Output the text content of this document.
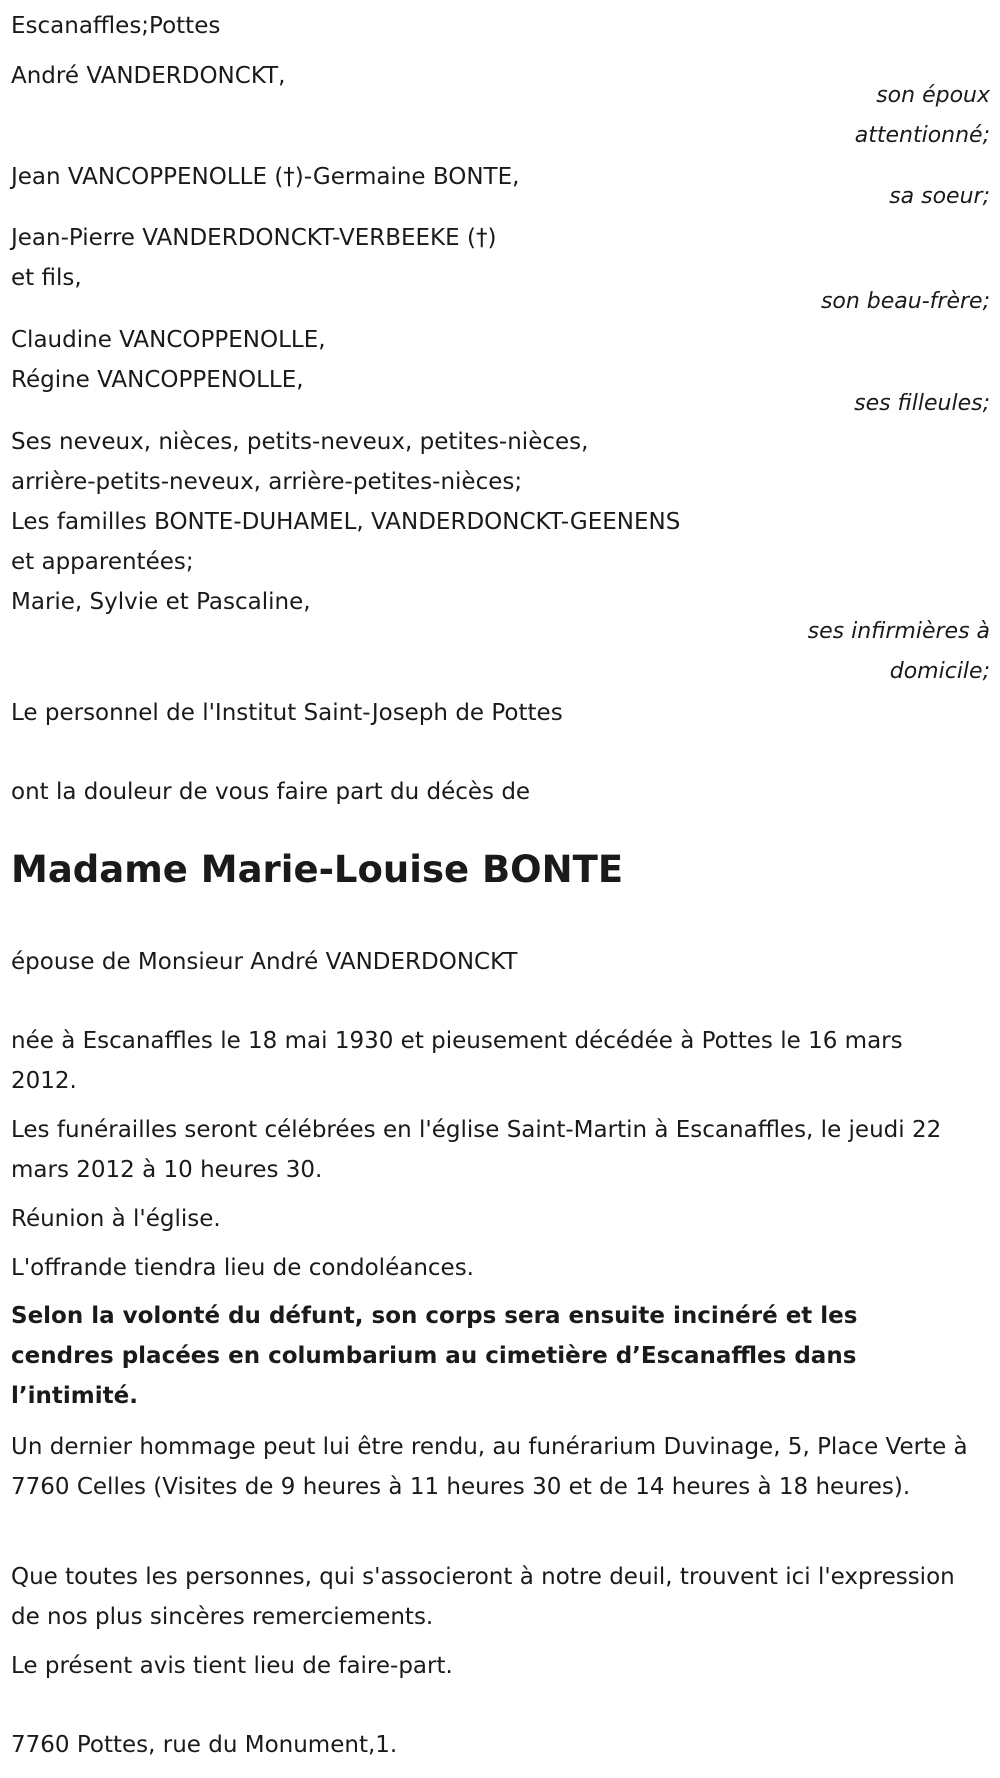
Escanaffles;Pottes
André VANDERDONCKT,
son époux
attentionné;
Jean VANCOPPENOLLE (†)-Germaine BONTE,
sa soeur;
Jean-Pierre VANDERDONCKT-VERBEEKE (†)
et fils,
son beau-frère;
Claudine VANCOPPENOLLE,
Régine VANCOPPENOLLE,
ses filleules;
Ses neveux, nièces, petits-neveux, petites-nièces,
arrière-petits-neveux, arrière-petites-nièces;
Les familles BONTE-DUHAMEL, VANDERDONCKT-GEENENS
et apparentées;
Marie, Sylvie et Pascaline,
ses infirmières à
domicile;
Le personnel de l'Institut Saint-Joseph de Pottes
ont la douleur de vous faire part du décès de
Madame Marie-Louise BONTE
épouse de Monsieur André VANDERDONCKT
née à Escanaffles le 18 mai 1930 et pieusement décédée à Pottes le 16 mars 2012.
Les funérailles seront célébrées en l'église Saint-Martin à Escanaffles, le jeudi 22 mars 2012 à 10 heures 30.
Réunion à l'église.
L'offrande tiendra lieu de condoléances.
Selon la volonté du défunt, son corps sera ensuite incinéré et les cendres placées en columbarium au cimetière d’Escanaffles dans l’intimité.
Un dernier hommage peut lui être rendu, au funérarium Duvinage, 5, Place Verte à 7760 Celles (Visites de 9 heures à 11 heures 30 et de 14 heures à 18 heures).
Que toutes les personnes, qui s'associeront à notre deuil, trouvent ici l'expression de nos plus sincères remerciements.
Le présent avis tient lieu de faire-part.
7760 Pottes, rue du Monument,1.
